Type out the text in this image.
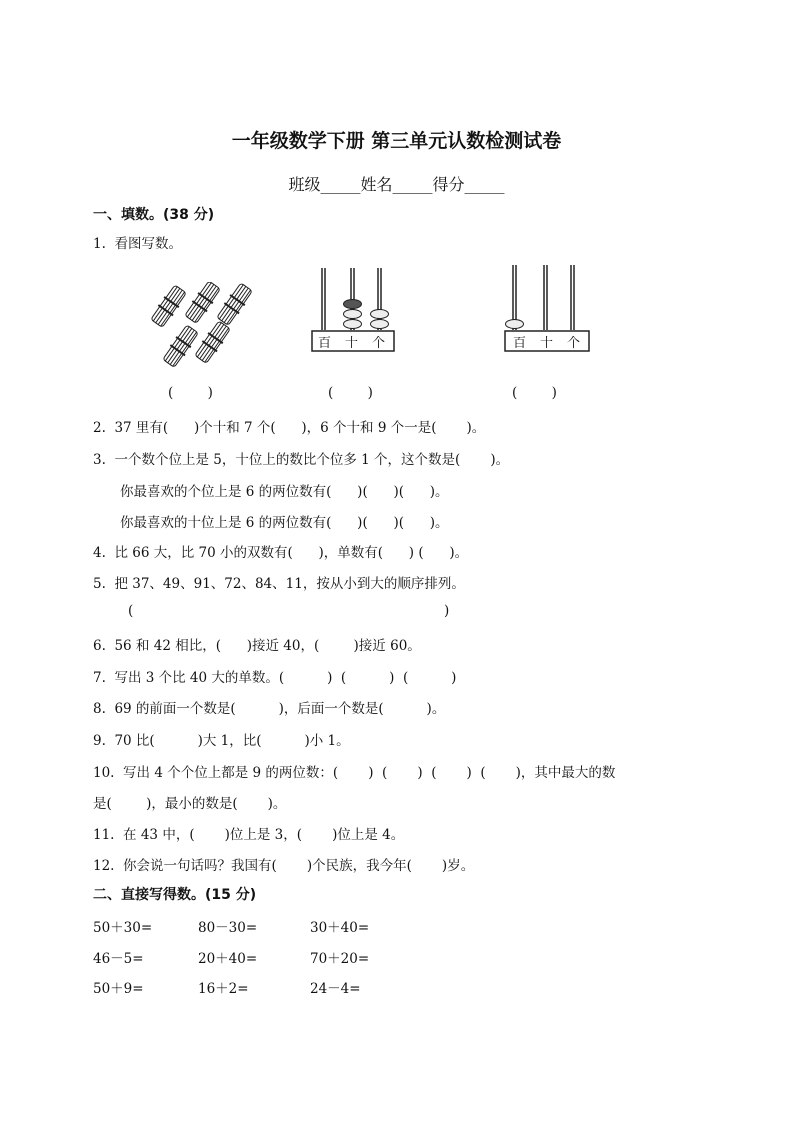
一年级数学下册 第三单元认数检测试卷
班级_____姓名_____得分_____
一、填数。(38 分)
1.  看图写数。
百 十 个	百 十 个
(        )	(        )	(        )
2.  37 里有(      )个十和 7 个(      )，6 个十和 9 个一是(       )。
3.  一个数个位上是 5，十位上的数比个位多 1 个，这个数是(       )。
你最喜欢的个位上是 6 的两位数有(      )(      )(      )。
你最喜欢的十位上是 6 的两位数有(      )(      )(      )。
4.  比 66 大，比 70 小的双数有(      )，单数有(      ) (      )。
5.  把 37、49、91、72、84、11，按从小到大的顺序排列。
(	)
6.  56 和 42 相比，(      )接近 40，(        )接近 60。
7.  写出 3 个比 40 大的单数。(          )  (          )  (          )
8.  69 的前面一个数是(          )，后面一个数是(          )。
9.  70 比(          )大 1，比(          )小 1。
10.  写出 4 个个位上都是 9 的两位数：(       )  (       )  (       )  (       )，其中最大的数
是(        )，最小的数是(       )。
11.  在 43 中，(       )位上是 3，(       )位上是 4。
12.  你会说一句话吗？我国有(       )个民族，我今年(       )岁。
二、直接写得数。(15 分)
50＋30=	80－30=	30＋40=
46－5=	20＋40=	70＋20=
50＋9=	16＋2=	24－4=
